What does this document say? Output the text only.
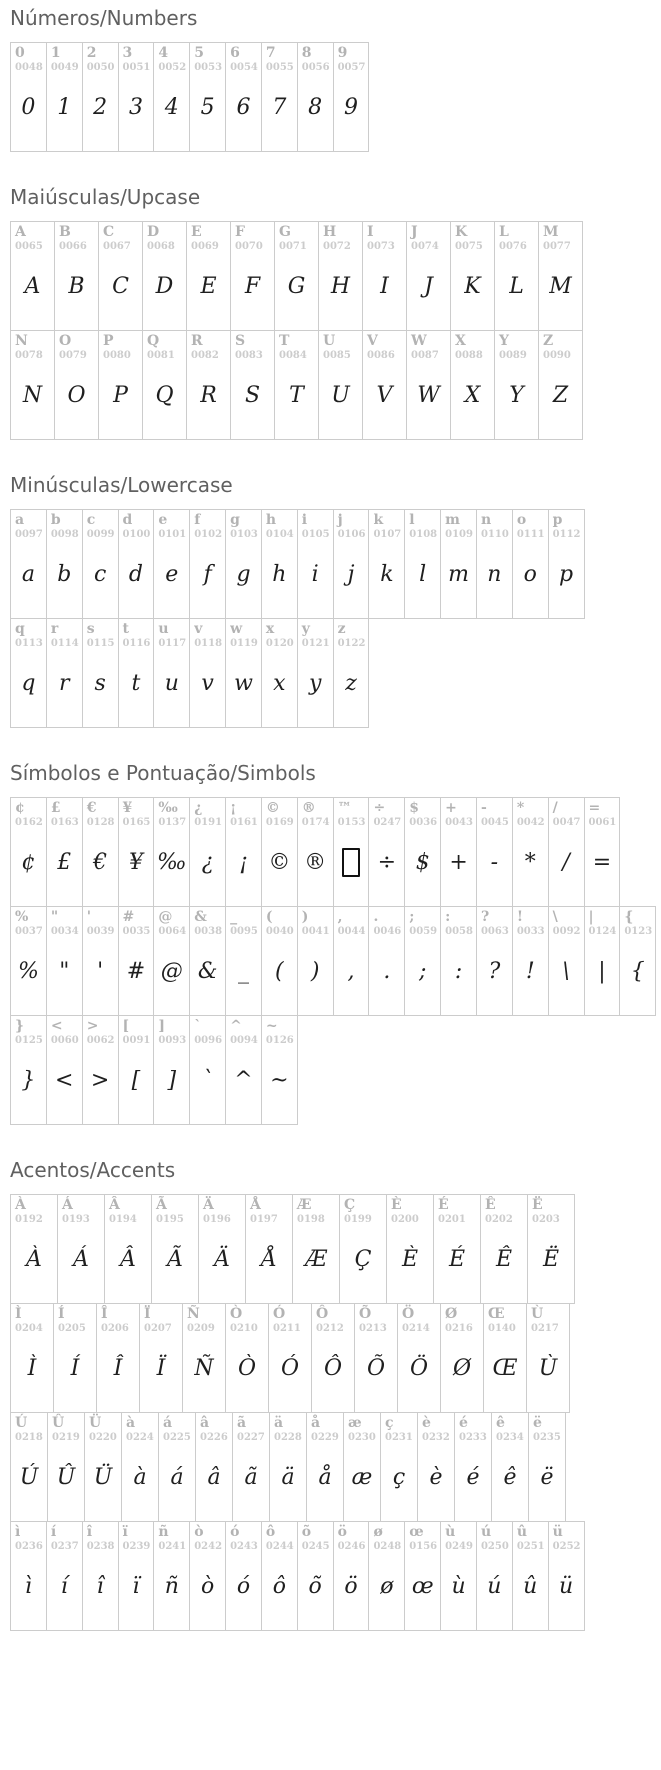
Números/Numbers
0
0048
0
1
0049
1
2
0050
2
3
0051
3
4
0052
4
5
0053
5
6
0054
6
7
0055
7
8
0056
8
9
0057
9
Maiúsculas/Upcase
A
0065
A
B
0066
B
C
0067
C
D
0068
D
E
0069
E
F
0070
F
G
0071
G
H
0072
H
I
0073
I
J
0074
J
K
0075
K
L
0076
L
M
0077
M
N
0078
N
O
0079
O
P
0080
P
Q
0081
Q
R
0082
R
S
0083
S
T
0084
T
U
0085
U
V
0086
V
W
0087
W
X
0088
X
Y
0089
Y
Z
0090
Z
Minúsculas/Lowercase
a
0097
a
b
0098
b
c
0099
c
d
0100
d
e
0101
e
f
0102
f
g
0103
g
h
0104
h
i
0105
i
j
0106
j
k
0107
k
l
0108
l
m
0109
m
n
0110
n
o
0111
o
p
0112
p
q
0113
q
r
0114
r
s
0115
s
t
0116
t
u
0117
u
v
0118
v
w
0119
w
x
0120
x
y
0121
y
z
0122
z
Símbolos e Pontuação/Simbols
¢
0162
¢
£
0163
£
€
0128
€
¥
0165
¥
‰
0137
‰
¿
0191
¿
¡
0161
¡
©
0169
©
®
0174
®
™
0153
÷
0247
÷
$
0036
$
+
0043
+
-
0045
-
*
0042
*
/
0047
/
=
0061
=
%
0037
%
"
0034
"
'
0039
'
#
0035
#
@
0064
@
&
0038
&
_
0095
_
(
0040
(
)
0041
)
,
0044
,
.
0046
.
;
0059
;
:
0058
:
?
0063
?
!
0033
!
\
0092
\
|
0124
|
{
0123
{
}
0125
}
<
0060
<
>
0062
>
[
0091
[
]
0093
]
`
0096
`
^
0094
^
~
0126
~
Acentos/Accents
À
0192
À
Á
0193
Á
Â
0194
Â
Ã
0195
Ã
Ä
0196
Ä
Å
0197
Å
Æ
0198
Æ
Ç
0199
Ç
È
0200
È
É
0201
É
Ê
0202
Ê
Ë
0203
Ë
Ì
0204
Ì
Í
0205
Í
Î
0206
Î
Ï
0207
Ï
Ñ
0209
Ñ
Ò
0210
Ò
Ó
0211
Ó
Ô
0212
Ô
Õ
0213
Õ
Ö
0214
Ö
Ø
0216
Ø
Œ
0140
Œ
Ù
0217
Ù
Ú
0218
Ú
Û
0219
Û
Ü
0220
Ü
à
0224
à
á
0225
á
â
0226
â
ã
0227
ã
ä
0228
ä
å
0229
å
æ
0230
æ
ç
0231
ç
è
0232
è
é
0233
é
ê
0234
ê
ë
0235
ë
ì
0236
ì
í
0237
í
î
0238
î
ï
0239
ï
ñ
0241
ñ
ò
0242
ò
ó
0243
ó
ô
0244
ô
õ
0245
õ
ö
0246
ö
ø
0248
ø
œ
0156
œ
ù
0249
ù
ú
0250
ú
û
0251
û
ü
0252
ü
